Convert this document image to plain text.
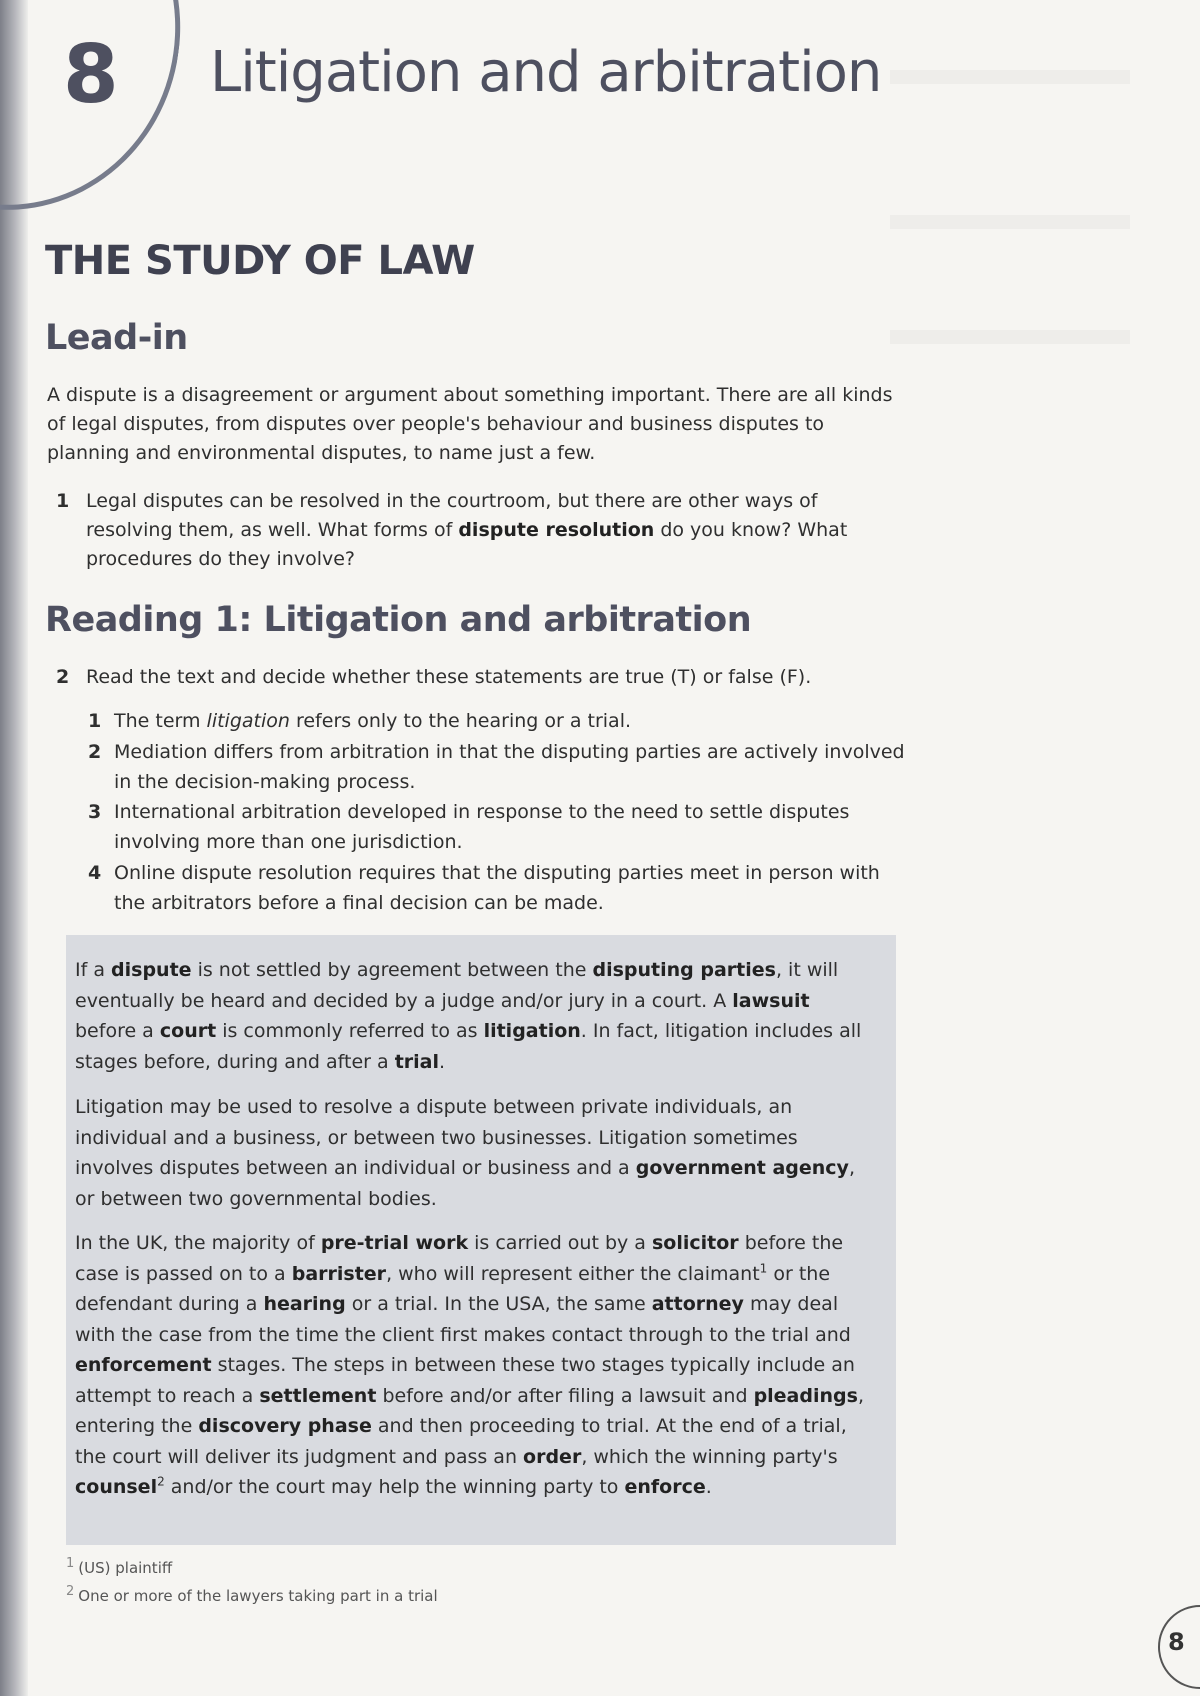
8 Litigation and arbitration
THE STUDY OF LAW
Lead-in
A dispute is a disagreement or argument about something important. There are all kinds of legal disputes, from disputes over people's behaviour and business disputes to planning and environmental disputes, to name just a few.
1 Legal disputes can be resolved in the courtroom, but there are other ways of resolving them, as well. What forms of dispute resolution do you know? What procedures do they involve?
Reading 1: Litigation and arbitration
2 Read the text and decide whether these statements are true (T) or false (F).
1 The term litigation refers only to the hearing or a trial.
2 Mediation differs from arbitration in that the disputing parties are actively involved in the decision-making process.
3 International arbitration developed in response to the need to settle disputes involving more than one jurisdiction.
4 Online dispute resolution requires that the disputing parties meet in person with the arbitrators before a final decision can be made.
If a dispute is not settled by agreement between the disputing parties, it will eventually be heard and decided by a judge and/or jury in a court. A lawsuit before a court is commonly referred to as litigation. In fact, litigation includes all stages before, during and after a trial.
Litigation may be used to resolve a dispute between private individuals, an individual and a business, or between two businesses. Litigation sometimes involves disputes between an individual or business and a government agency, or between two governmental bodies.
In the UK, the majority of pre-trial work is carried out by a solicitor before the case is passed on to a barrister, who will represent either the claimant$^1$ or the defendant during a hearing or a trial. In the USA, the same attorney may deal with the case from the time the client first makes contact through to the trial and enforcement stages. The steps in between these two stages typically include an attempt to reach a settlement before and/or after filing a lawsuit and pleadings, entering the discovery phase and then proceeding to trial. At the end of a trial, the court will deliver its judgment and pass an order, which the winning party's counsel$^2$ and/or the court may help the winning party to enforce.
1 (US) plaintiff
2 One or more of the lawyers taking part in a trial
8
